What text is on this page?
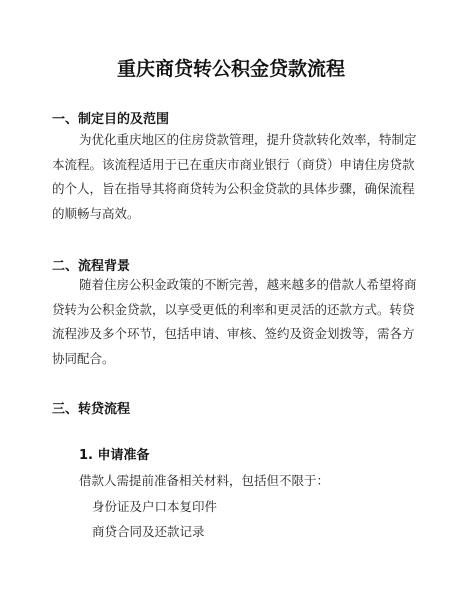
重庆商贷转公积金贷款流程
一、制定目的及范围
为优化重庆地区的住房贷款管理，提升贷款转化效率，特制定
本流程。该流程适用于已在重庆市商业银行（商贷）申请住房贷款
的个人，旨在指导其将商贷转为公积金贷款的具体步骤，确保流程
的顺畅与高效。
二、流程背景
随着住房公积金政策的不断完善，越来越多的借款人希望将商
贷转为公积金贷款，以享受更低的利率和更灵活的还款方式。转贷
流程涉及多个环节，包括申请、审核、签约及资金划拨等，需各方
协同配合。
三、转贷流程
1. 申请准备

借款人需提前准备相关材料，包括但不限于：

身份证及户口本复印件

商贷合同及还款记录
